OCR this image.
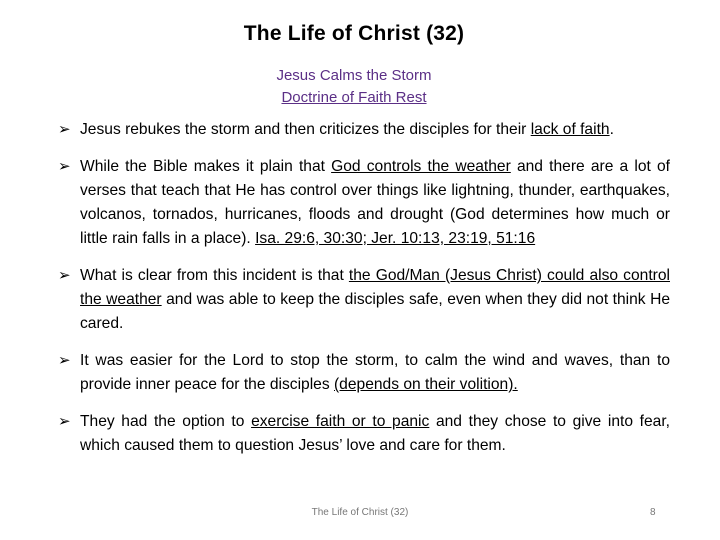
The Life of Christ (32)
Jesus Calms the Storm
Doctrine of Faith Rest
➢ Jesus rebukes the storm and then criticizes the disciples for their lack of faith.
➢ While the Bible makes it plain that God controls the weather and there are a lot of verses that teach that He has control over things like lightning, thunder, earthquakes, volcanos, tornados, hurricanes, floods and drought (God determines how much or little rain falls in a place). Isa. 29:6, 30:30; Jer. 10:13, 23:19, 51:16
➢ What is clear from this incident is that the God/Man (Jesus Christ) could also control the weather and was able to keep the disciples safe, even when they did not think He cared.
➢ It was easier for the Lord to stop the storm, to calm the wind and waves, than to provide inner peace for the disciples (depends on their volition).
➢ They had the option to exercise faith or to panic and they chose to give into fear, which caused them to question Jesus’ love and care for them.
The Life of Christ (32)	8
